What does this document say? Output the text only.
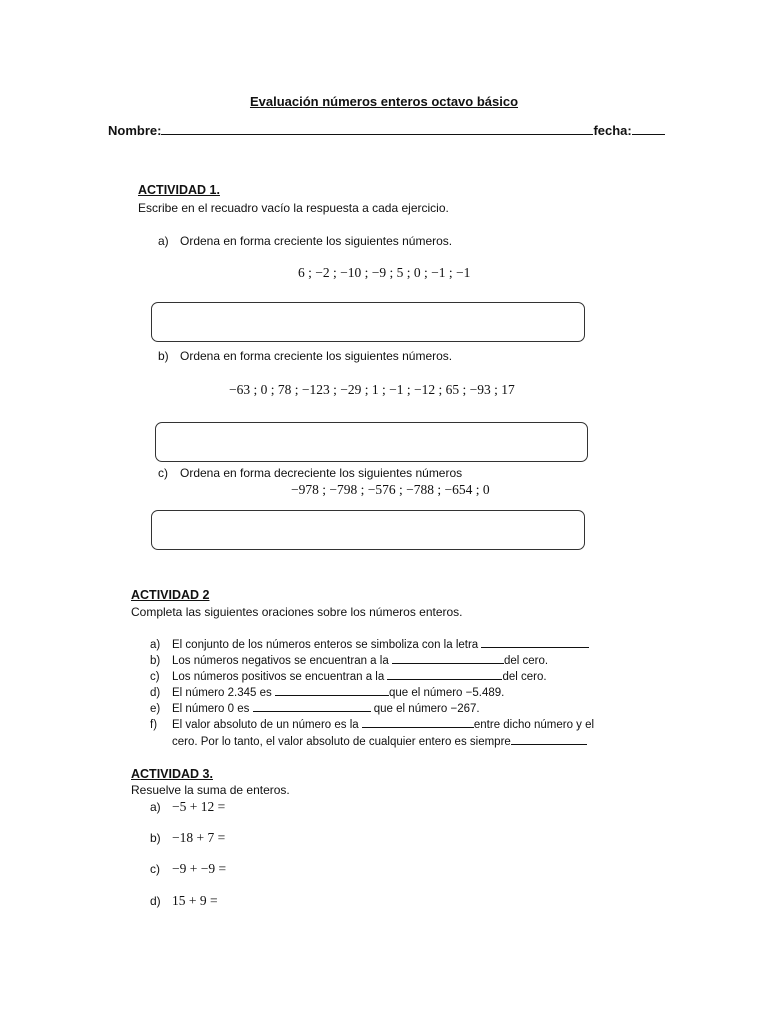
Evaluación números enteros octavo básico
Nombre:	fecha:
ACTIVIDAD 1.
Escribe en el recuadro vacío la respuesta a cada ejercicio.
a) Ordena en forma creciente los siguientes números.
6 ; −2 ; −10 ; −9 ; 5 ; 0 ; −1 ; −1
b) Ordena en forma creciente los siguientes números.
−63 ; 0 ; 78 ; −123 ; −29 ; 1 ; −1 ; −12 ; 65 ; −93 ; 17
c) Ordena en forma decreciente los siguientes números
−978 ; −798 ; −576 ; −788 ; −654 ; 0
ACTIVIDAD 2
Completa las siguientes oraciones sobre los números enteros.
a) El conjunto de los números enteros se simboliza con la letra
b) Los números negativos se encuentran a la	del cero.
c) Los números positivos se encuentran a la	del cero.
d) El número 2.345 es	que el número −5.489.
e) El número 0 es	que el número −267.
f) El valor absoluto de un número es la	entre dicho número y el
cero. Por lo tanto, el valor absoluto de cualquier entero es siempre
ACTIVIDAD 3.
Resuelve la suma de enteros.
a) −5 + 12 =
b) −18 + 7 =
c) −9 + −9 =
d) 15 + 9 =
